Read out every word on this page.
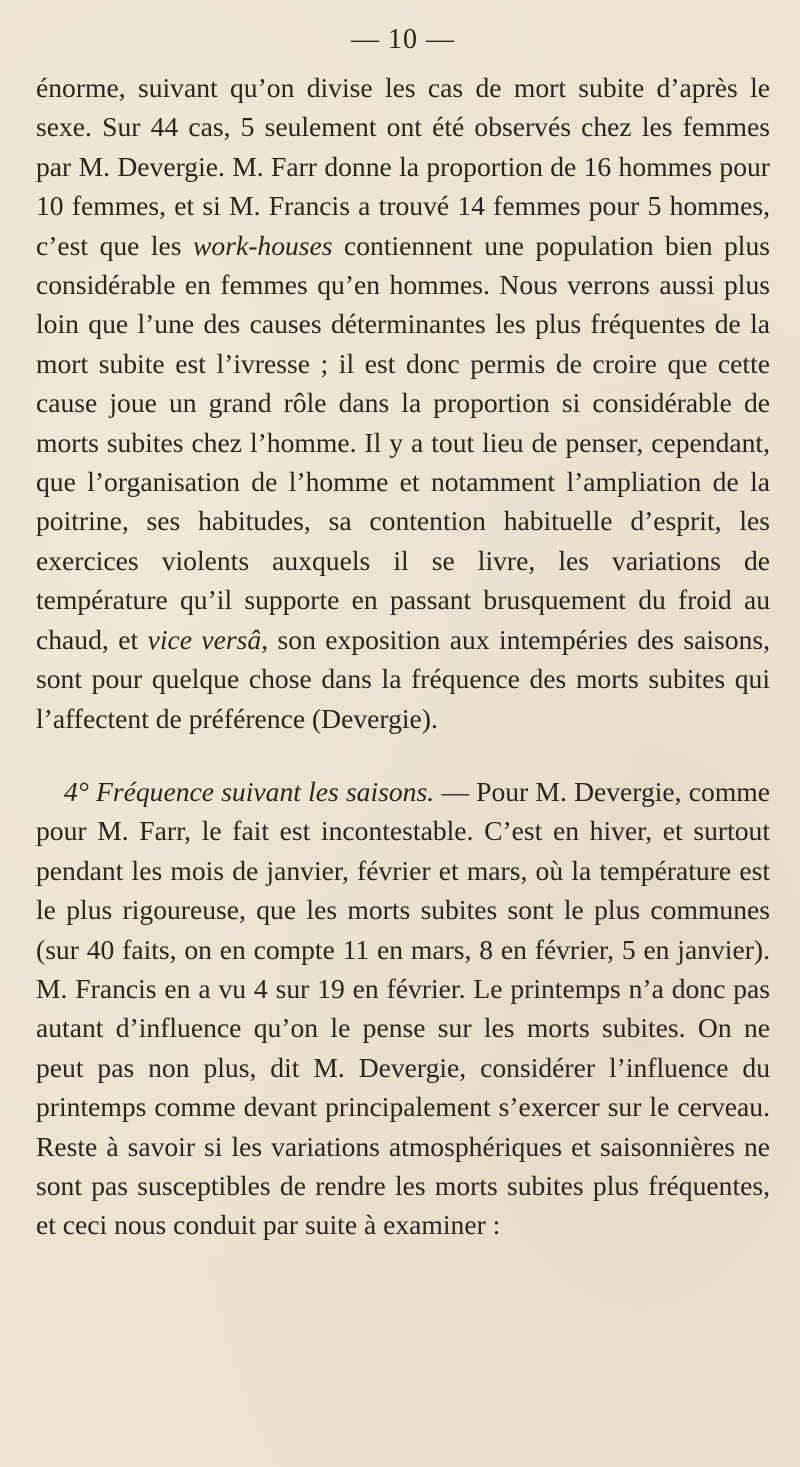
— 10 —

énorme, suivant qu’on divise les cas de mort subite d’après le sexe. Sur 44 cas, 5 seulement ont été observés chez les femmes par M. Devergie. M. Farr donne la proportion de 16 hommes pour 10 femmes, et si M. Francis a trouvé 14 femmes pour 5 hommes, c’est que les work-houses contiennent une population bien plus considérable en femmes qu’en hommes. Nous verrons aussi plus loin que l’une des causes déterminantes les plus fréquentes de la mort subite est l’ivresse ; il est donc permis de croire que cette cause joue un grand rôle dans la proportion si considérable de morts subites chez l’homme. Il y a tout lieu de penser, cependant, que l’organisation de l’homme et notamment l’ampliation de la poitrine, ses habitudes, sa contention habituelle d’esprit, les exercices violents auxquels il se livre, les variations de température qu’il supporte en passant brusquement du froid au chaud, et vice versâ, son exposition aux intempéries des saisons, sont pour quelque chose dans la fréquence des morts subites qui l’affectent de préférence (Devergie).

4° Fréquence suivant les saisons. — Pour M. Devergie, comme pour M. Farr, le fait est incontestable. C’est en hiver, et surtout pendant les mois de janvier, février et mars, où la température est le plus rigoureuse, que les morts subites sont le plus communes (sur 40 faits, on en compte 11 en mars, 8 en février, 5 en janvier). M. Francis en a vu 4 sur 19 en février. Le printemps n’a donc pas autant d’influence qu’on le pense sur les morts subites. On ne peut pas non plus, dit M. Devergie, considérer l’influence du printemps comme devant principalement s’exercer sur le cerveau. Reste à savoir si les variations atmosphériques et saisonnières ne sont pas susceptibles de rendre les morts subites plus fréquentes, et ceci nous conduit par suite à examiner :
